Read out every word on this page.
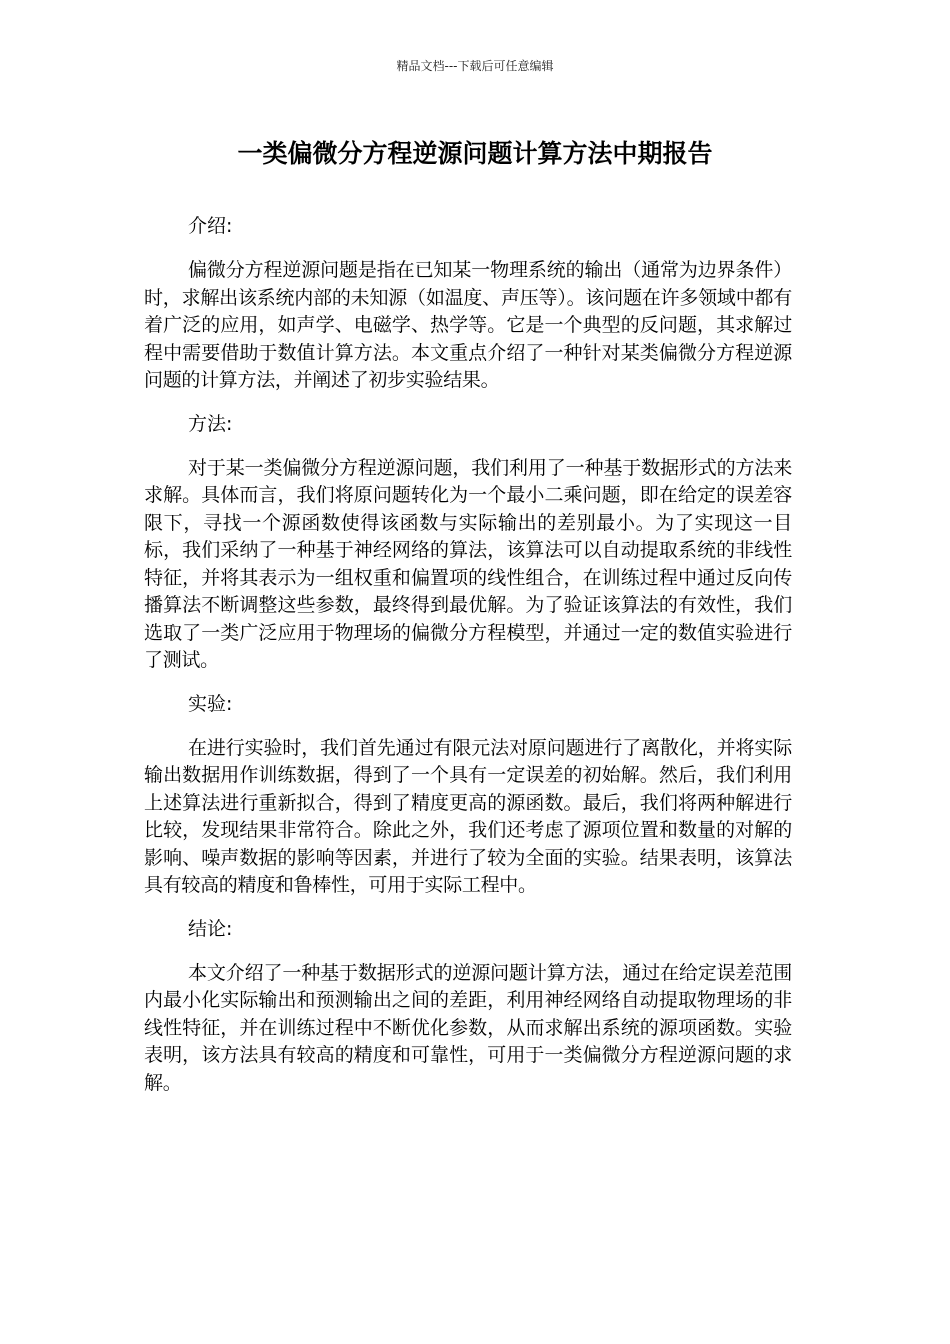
精品文档---下载后可任意编辑
一类偏微分方程逆源问题计算方法中期报告

介绍:

偏微分方程逆源问题是指在已知某一物理系统的输出（通常为边界条件）时，求解出该系统内部的未知源（如温度、声压等）。该问题在许多领域中都有着广泛的应用，如声学、电磁学、热学等。它是一个典型的反问题，其求解过程中需要借助于数值计算方法。本文重点介绍了一种针对某类偏微分方程逆源问题的计算方法，并阐述了初步实验结果。

方法:

对于某一类偏微分方程逆源问题，我们利用了一种基于数据形式的方法来求解。具体而言，我们将原问题转化为一个最小二乘问题，即在给定的误差容限下，寻找一个源函数使得该函数与实际输出的差别最小。为了实现这一目标，我们采纳了一种基于神经网络的算法，该算法可以自动提取系统的非线性特征，并将其表示为一组权重和偏置项的线性组合，在训练过程中通过反向传播算法不断调整这些参数，最终得到最优解。为了验证该算法的有效性，我们选取了一类广泛应用于物理场的偏微分方程模型，并通过一定的数值实验进行了测试。

实验:

在进行实验时，我们首先通过有限元法对原问题进行了离散化，并将实际输出数据用作训练数据，得到了一个具有一定误差的初始解。然后，我们利用上述算法进行重新拟合，得到了精度更高的源函数。最后，我们将两种解进行比较，发现结果非常符合。除此之外，我们还考虑了源项位置和数量的对解的影响、噪声数据的影响等因素，并进行了较为全面的实验。结果表明，该算法具有较高的精度和鲁棒性，可用于实际工程中。

结论:

本文介绍了一种基于数据形式的逆源问题计算方法，通过在给定误差范围内最小化实际输出和预测输出之间的差距，利用神经网络自动提取物理场的非线性特征，并在训练过程中不断优化参数，从而求解出系统的源项函数。实验表明，该方法具有较高的精度和可靠性，可用于一类偏微分方程逆源问题的求解。
